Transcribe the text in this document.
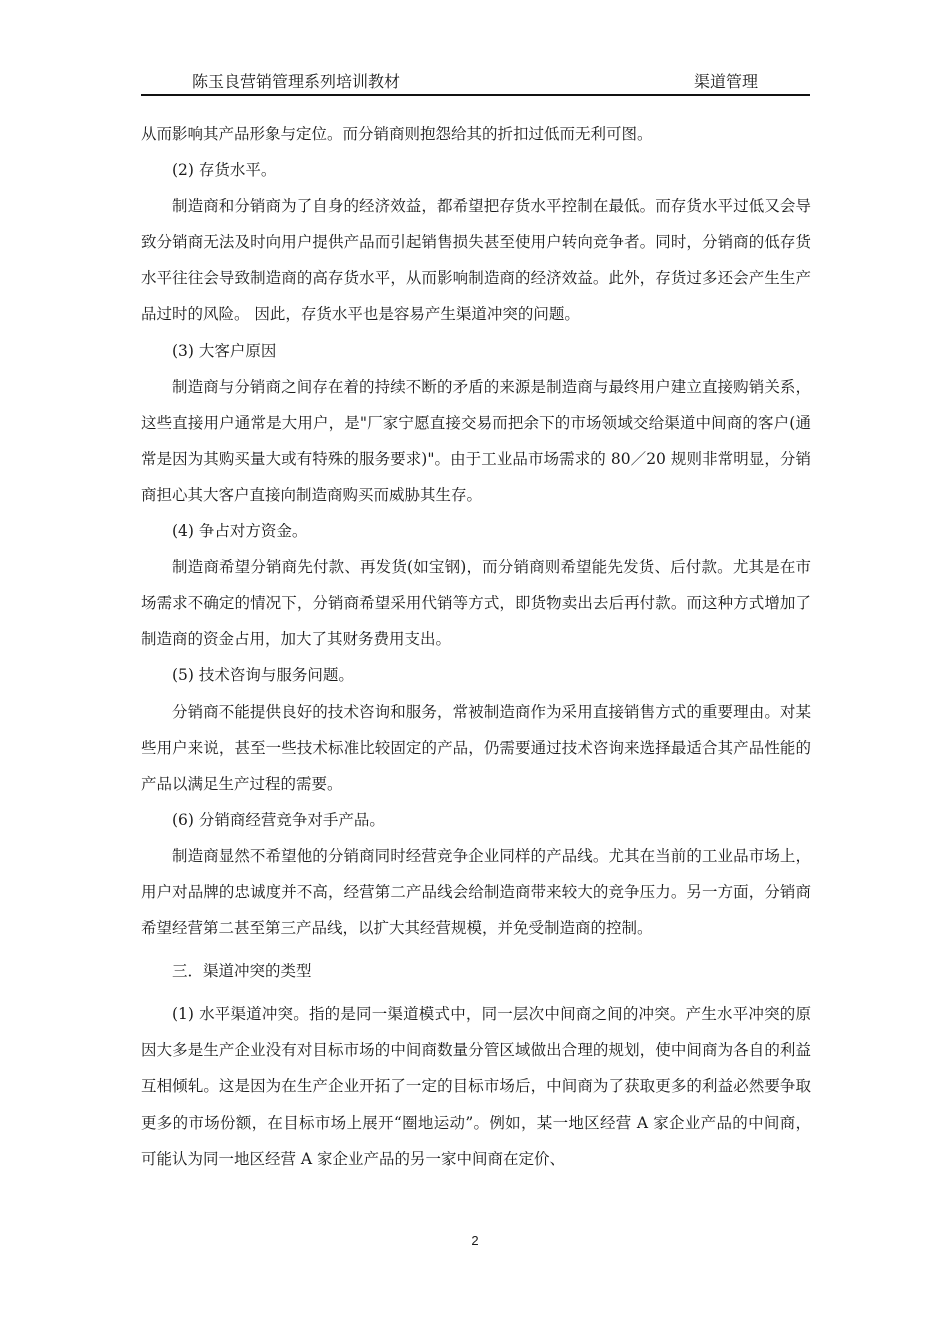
陈玉良营销管理系列培训教材	渠道管理

从而影响其产品形象与定位。而分销商则抱怨给其的折扣过低而无利可图。

(2) 存货水平。

制造商和分销商为了自身的经济效益，都希望把存货水平控制在最低。而存货水平过低又会导致分销商无法及时向用户提供产品而引起销售损失甚至使用户转向竞争者。同时，分销商的低存货水平往往会导致制造商的高存货水平，从而影响制造商的经济效益。此外，存货过多还会产生生产品过时的风险。 因此，存货水平也是容易产生渠道冲突的问题。

(3) 大客户原因

制造商与分销商之间存在着的持续不断的矛盾的来源是制造商与最终用户建立直接购销关系，这些直接用户通常是大用户，是"厂家宁愿直接交易而把余下的市场领域交给渠道中间商的客户(通常是因为其购买量大或有特殊的服务要求)"。由于工业品市场需求的 80／20 规则非常明显，分销商担心其大客户直接向制造商购买而威胁其生存。

(4) 争占对方资金。

制造商希望分销商先付款、再发货(如宝钢)，而分销商则希望能先发货、后付款。尤其是在市场需求不确定的情况下，分销商希望采用代销等方式，即货物卖出去后再付款。而这种方式增加了制造商的资金占用，加大了其财务费用支出。

(5) 技术咨询与服务问题。

分销商不能提供良好的技术咨询和服务，常被制造商作为采用直接销售方式的重要理由。对某些用户来说，甚至一些技术标准比较固定的产品，仍需要通过技术咨询来选择最适合其产品性能的产品以满足生产过程的需要。

(6) 分销商经营竞争对手产品。

制造商显然不希望他的分销商同时经营竞争企业同样的产品线。尤其在当前的工业品市场上，用户对品牌的忠诚度并不高，经营第二产品线会给制造商带来较大的竞争压力。另一方面，分销商希望经营第二甚至第三产品线，以扩大其经营规模，并免受制造商的控制。

三．渠道冲突的类型

(1) 水平渠道冲突。指的是同一渠道模式中，同一层次中间商之间的冲突。产生水平冲突的原因大多是生产企业没有对目标市场的中间商数量分管区域做出合理的规划，使中间商为各自的利益互相倾轧。这是因为在生产企业开拓了一定的目标市场后，中间商为了获取更多的利益必然要争取更多的市场份额，在目标市场上展开“圈地运动”。例如，某一地区经营 A 家企业产品的中间商，可能认为同一地区经营 A 家企业产品的另一家中间商在定价、

2
